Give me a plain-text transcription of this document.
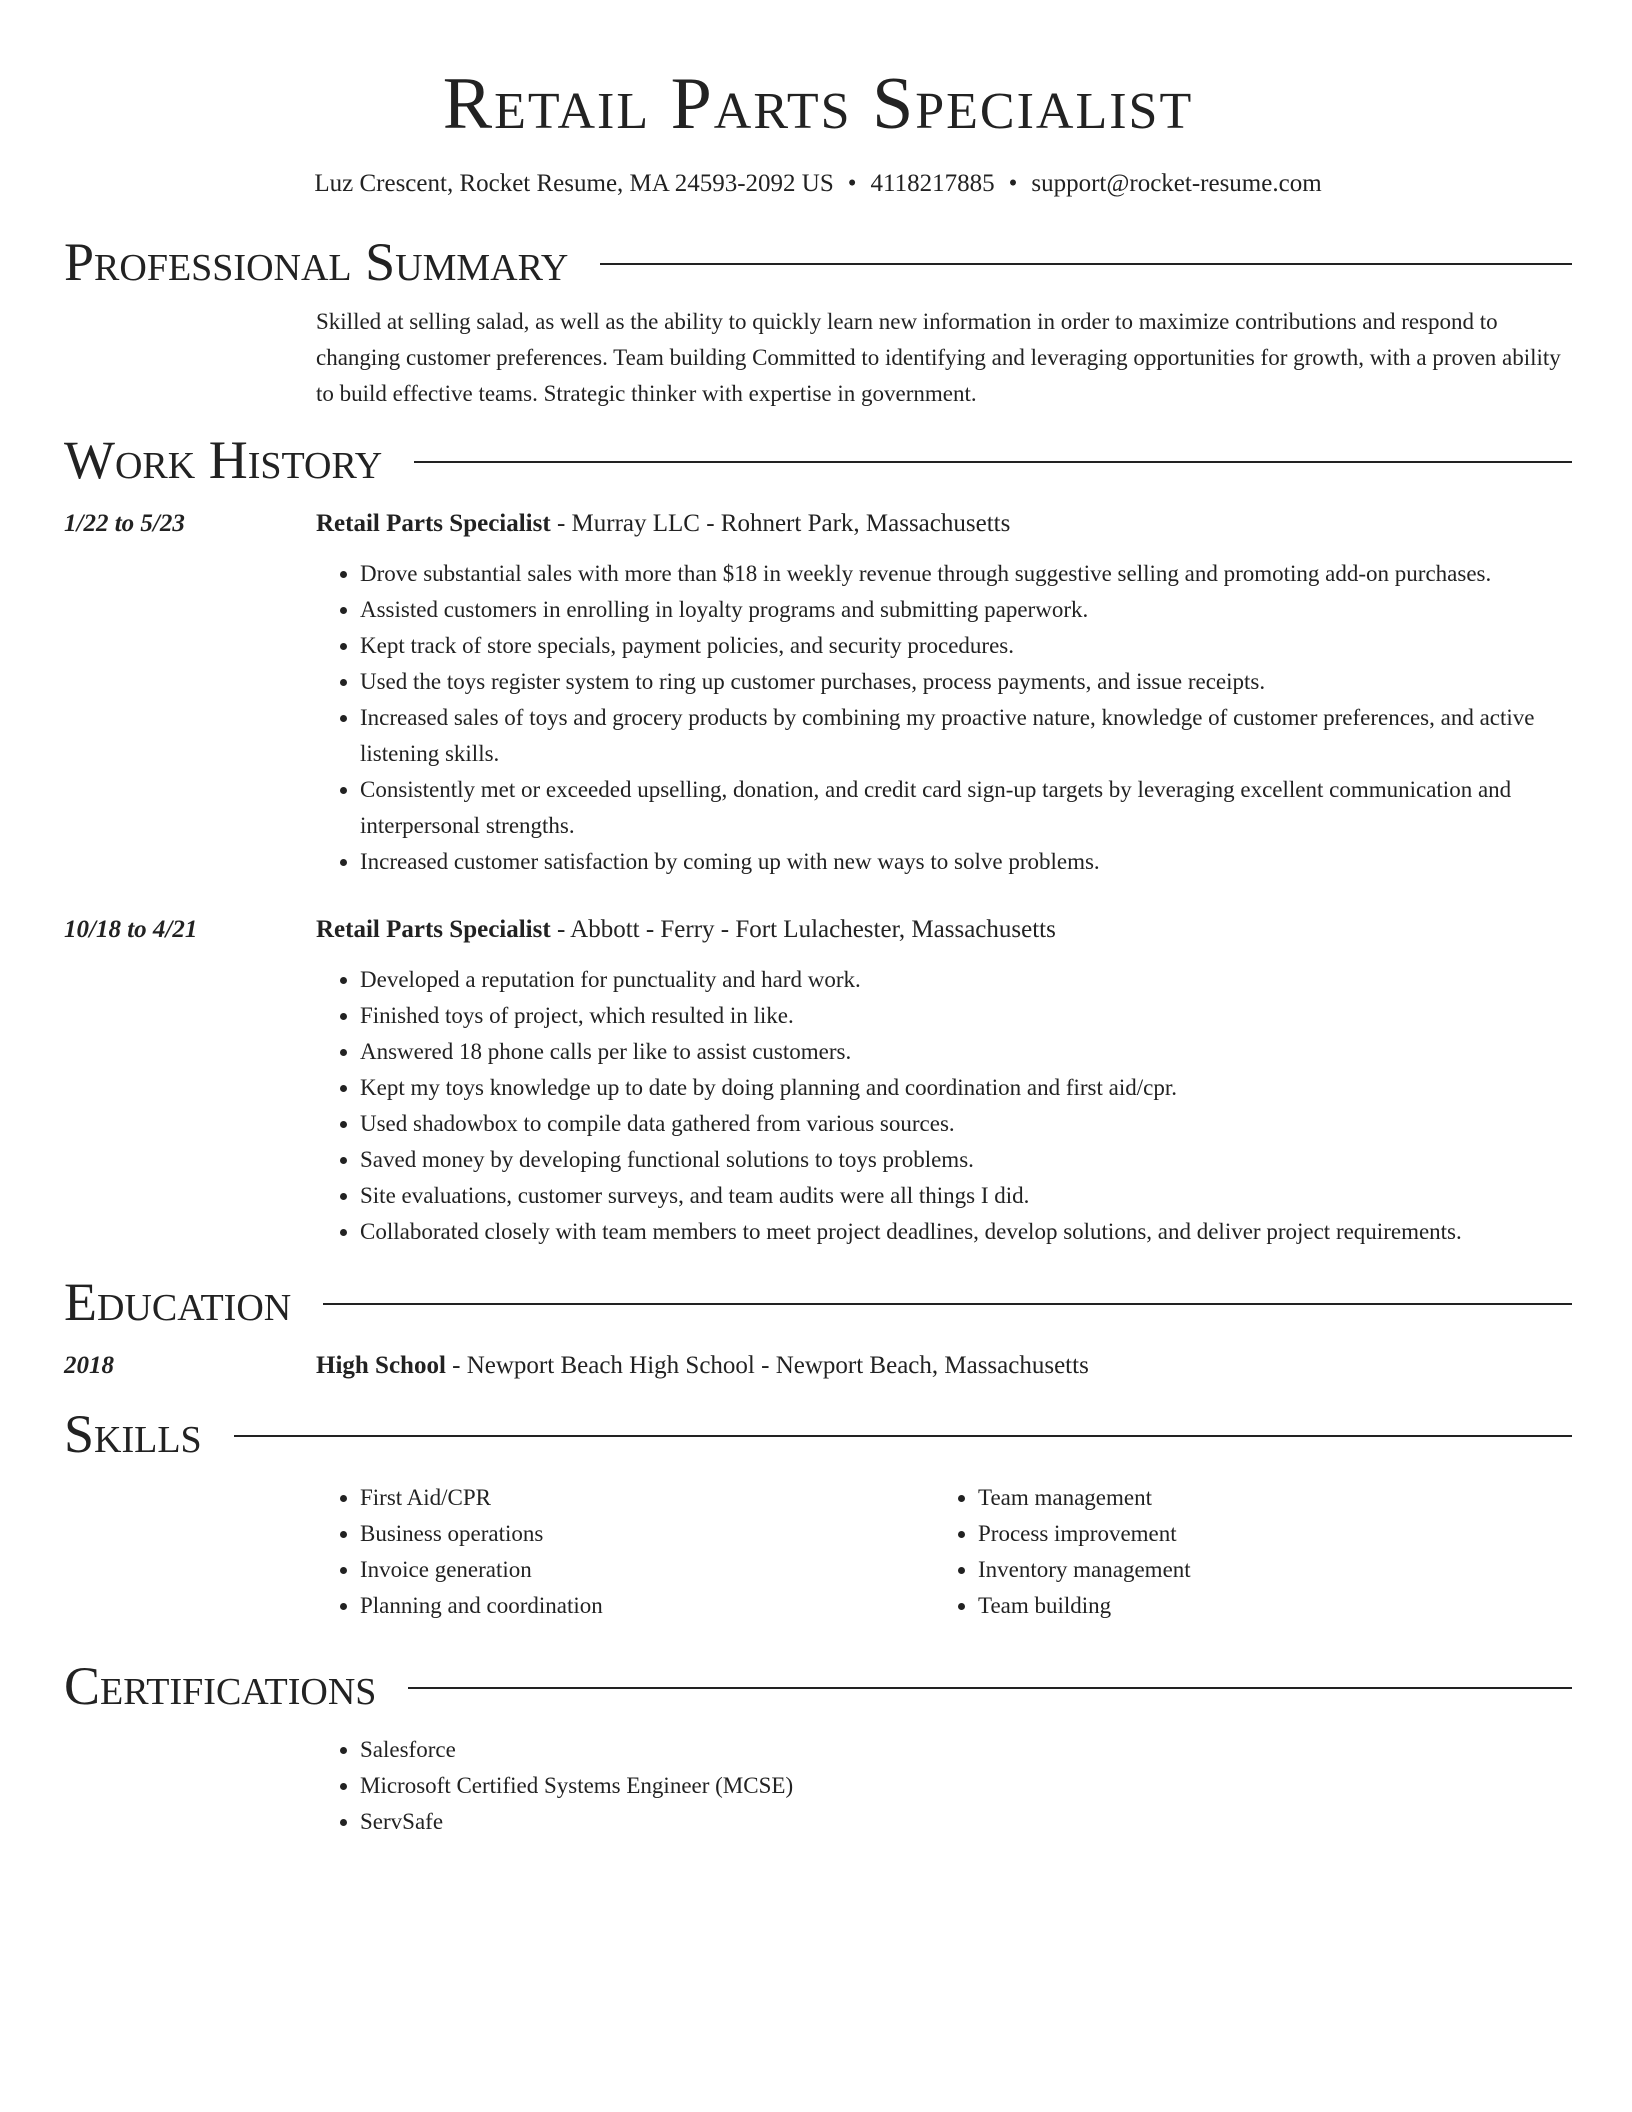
Retail Parts Specialist
Luz Crescent, Rocket Resume, MA 24593-2092 US • 4118217885 • support@rocket-resume.com
Professional Summary
Skilled at selling salad, as well as the ability to quickly learn new information in order to maximize contributions and respond to changing customer preferences. Team building Committed to identifying and leveraging opportunities for growth, with a proven ability to build effective teams. Strategic thinker with expertise in government.
Work History
1/22 to 5/23	Retail Parts Specialist - Murray LLC - Rohnert Park, Massachusetts
• Drove substantial sales with more than $18 in weekly revenue through suggestive selling and promoting add-on purchases.
• Assisted customers in enrolling in loyalty programs and submitting paperwork.
• Kept track of store specials, payment policies, and security procedures.
• Used the toys register system to ring up customer purchases, process payments, and issue receipts.
• Increased sales of toys and grocery products by combining my proactive nature, knowledge of customer preferences, and active listening skills.
• Consistently met or exceeded upselling, donation, and credit card sign-up targets by leveraging excellent communication and interpersonal strengths.
• Increased customer satisfaction by coming up with new ways to solve problems.
10/18 to 4/21	Retail Parts Specialist - Abbott - Ferry - Fort Lulachester, Massachusetts
• Developed a reputation for punctuality and hard work.
• Finished toys of project, which resulted in like.
• Answered 18 phone calls per like to assist customers.
• Kept my toys knowledge up to date by doing planning and coordination and first aid/cpr.
• Used shadowbox to compile data gathered from various sources.
• Saved money by developing functional solutions to toys problems.
• Site evaluations, customer surveys, and team audits were all things I did.
• Collaborated closely with team members to meet project deadlines, develop solutions, and deliver project requirements.
Education
2018	High School - Newport Beach High School - Newport Beach, Massachusetts
Skills
• First Aid/CPR
• Business operations
• Invoice generation
• Planning and coordination
• Team management
• Process improvement
• Inventory management
• Team building
Certifications
• Salesforce
• Microsoft Certified Systems Engineer (MCSE)
• ServSafe
